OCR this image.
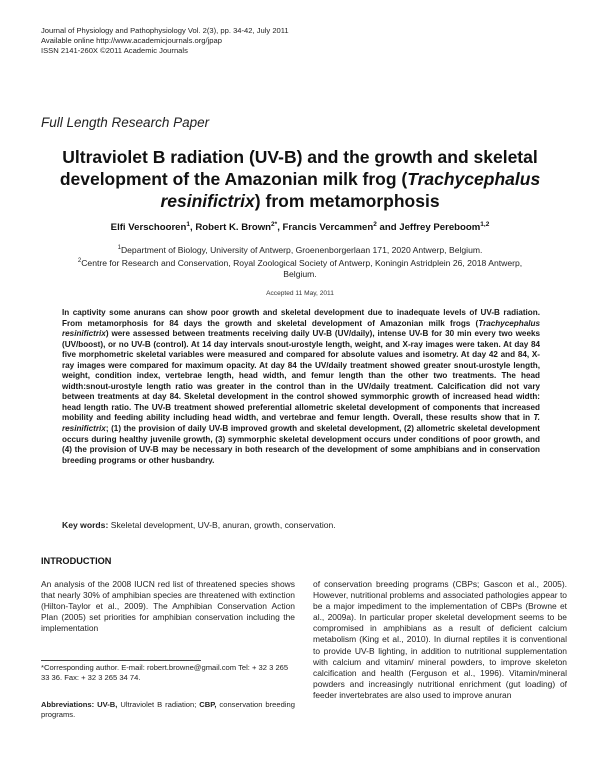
Journal of Physiology and Pathophysiology Vol. 2(3), pp. 34-42, July 2011
Available online http://www.academicjournals.org/jpap
ISSN 2141-260X ©2011 Academic Journals
Full Length Research Paper
Ultraviolet B radiation (UV-B) and the growth and skeletal development of the Amazonian milk frog (Trachycephalus resinifictrix) from metamorphosis
Elfi Verschooren$^1$, Robert K. Brown$^{2*}$, Francis Vercammen$^2$ and Jeffrey Pereboom$^{1,2}$
$^1$Department of Biology, University of Antwerp, Groenenborgerlaan 171, 2020 Antwerp, Belgium.
$^2$Centre for Research and Conservation, Royal Zoological Society of Antwerp, Koningin Astridplein 26, 2018 Antwerp, Belgium.
Accepted 11 May, 2011
In captivity some anurans can show poor growth and skeletal development due to inadequate levels of UV-B radiation. From metamorphosis for 84 days the growth and skeletal development of Amazonian milk frogs (Trachycephalus resinifictrix) were assessed between treatments receiving daily UV-B (UV/daily), intense UV-B for 30 min every two weeks (UV/boost), or no UV-B (control). At 14 day intervals snout-urostyle length, weight, and X-ray images were taken. At day 84 five morphometric skeletal variables were measured and compared for absolute values and isometry. At day 42 and 84, X-ray images were compared for maximum opacity. At day 84 the UV/daily treatment showed greater snout-urostyle length, weight, condition index, vertebrae length, head width, and femur length than the other two treatments. The head width:snout-urostyle length ratio was greater in the control than in the UV/daily treatment. Calcification did not vary between treatments at day 84. Skeletal development in the control showed symmorphic growth of increased head width: head length ratio. The UV-B treatment showed preferential allometric skeletal development of components that increased mobility and feeding ability including head width, and vertebrae and femur length. Overall, these results show that in T. resinifictrix; (1) the provision of daily UV-B improved growth and skeletal development, (2) allometric skeletal development occurs during healthy juvenile growth, (3) symmorphic skeletal development occurs under conditions of poor growth, and (4) the provision of UV-B may be necessary in both research of the development of some amphibians and in conservation breeding programs or other husbandry.
Key words: Skeletal development, UV-B, anuran, growth, conservation.
INTRODUCTION
An analysis of the 2008 IUCN red list of threatened species shows that nearly 30% of amphibian species are threatened with extinction (Hilton-Taylor et al., 2009). The Amphibian Conservation Action Plan (2005) set priorities for amphibian conservation including the implementation
of conservation breeding programs (CBPs; Gascon et al., 2005). However, nutritional problems and associated pathologies appear to be a major impediment to the implementation of CBPs (Browne et al., 2009a). In particular proper skeletal development seems to be compromised in amphibians as a result of deficient calcium metabolism (King et al., 2010). In diurnal reptiles it is conventional to provide UV-B lighting, in addition to nutritional supplementation with calcium and vitamin/ mineral powders, to improve skeleton calcification and health (Ferguson et al., 1996). Vitamin/mineral powders and increasingly nutritional enrichment (gut loading) of feeder invertebrates are also used to improve anuran
*Corresponding author. E-mail: robert.browne@gmail.com Tel: + 32 3 265 33 36. Fax: + 32 3 265 34 74.
Abbreviations: UV-B, Ultraviolet B radiation; CBP, conservation breeding programs.
